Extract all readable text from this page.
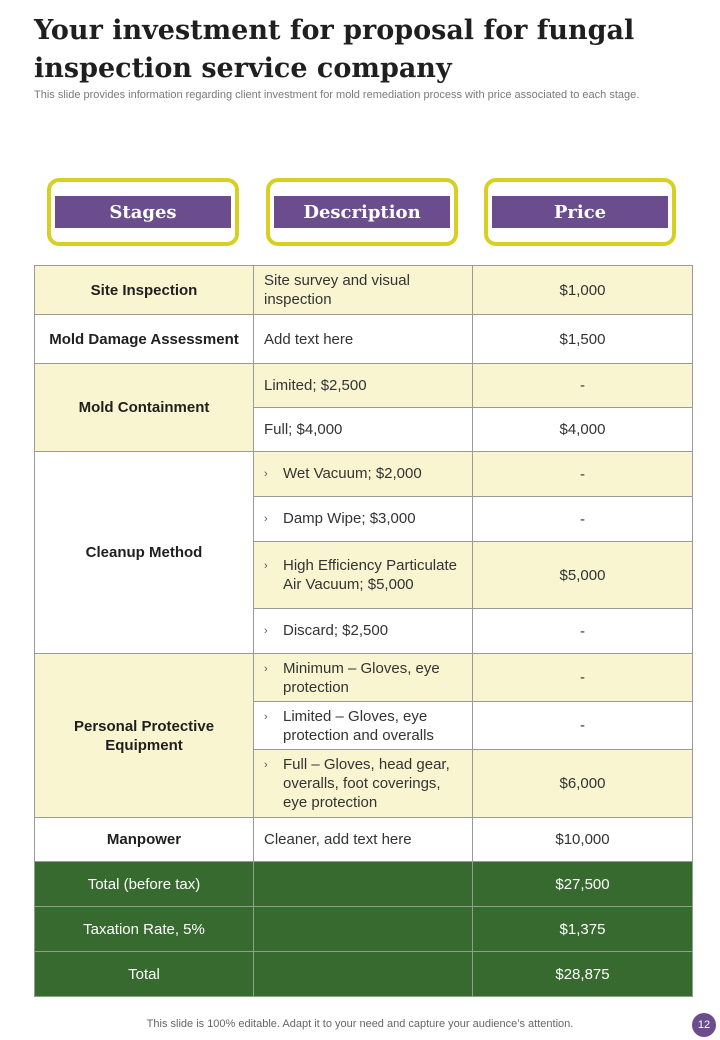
Your investment for proposal for fungal inspection service company
This slide provides information regarding client investment for mold remediation process with price associated to each stage.
Stages	Description	Price
Site Inspection	Site survey and visual inspection	$1,000
Mold Damage Assessment	Add text here	$1,500
Mold Containment	Limited; $2,500	-
	Full; $4,000	$4,000
Cleanup Method	› Wet Vacuum; $2,000	-

	› Damp Wipe; $3,000	-

	› High Efficiency Particulate Air Vacuum; $5,000	$5,000

	› Discard; $2,500	-
Personal Protective Equipment	› Minimum – Gloves, eye protection	-

	› Limited – Gloves, eye protection and overalls	-

	› Full – Gloves, head gear, overalls, foot coverings, eye protection	$6,000
Manpower	Cleaner, add text here	$10,000
Total (before tax)		$27,500
Taxation Rate, 5%		$1,375
Total		$28,875
This slide is 100% editable. Adapt it to your need and capture your audience’s attention.	12
